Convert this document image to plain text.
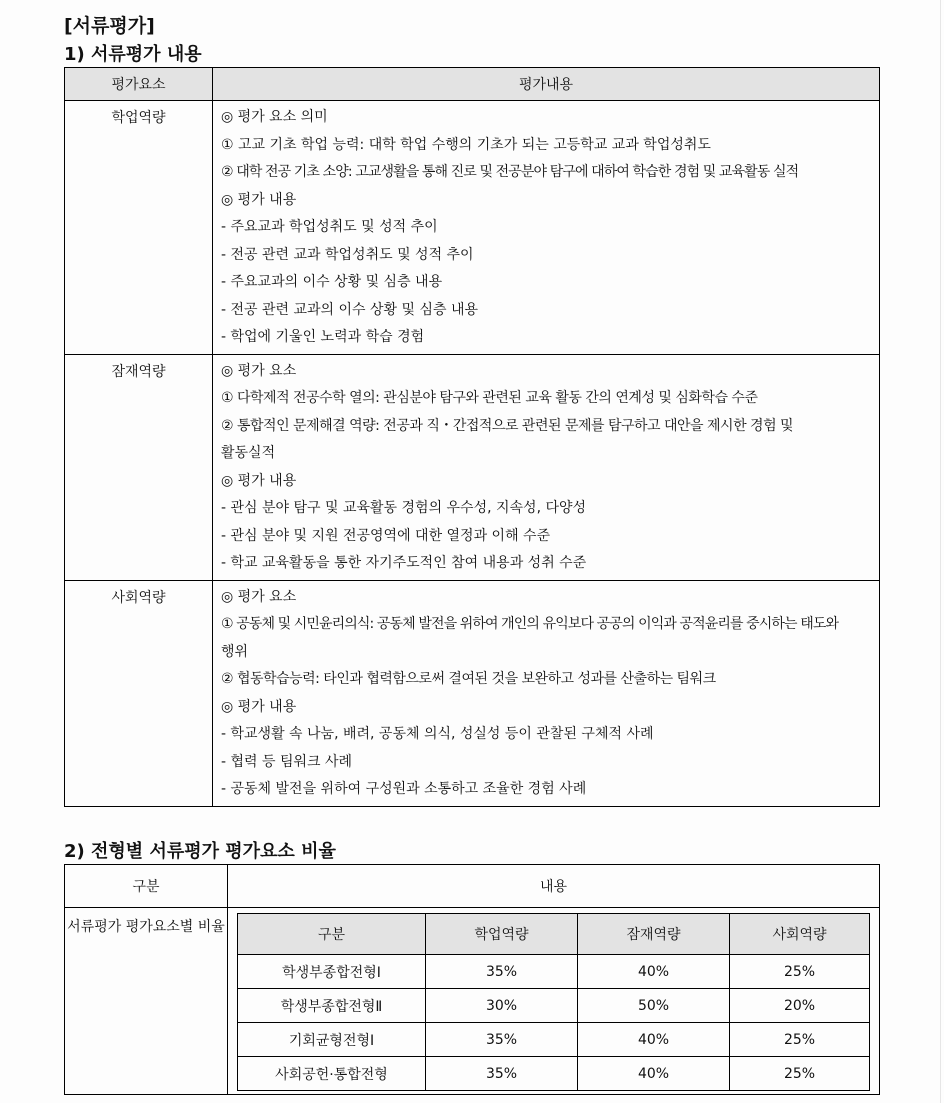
[서류평가]
1) 서류평가 내용
평가요소	평가내용
학업역량	◎ 평가 요소 의미
① 고교 기초 학업 능력: 대학 학업 수행의 기초가 되는 고등학교 교과 학업성취도
② 대학 전공 기초 소양: 고교생활을 통해 진로 및 전공분야 탐구에 대하여 학습한 경험 및 교육활동 실적
◎ 평가 내용
- 주요교과 학업성취도 및 성적 추이
- 전공 관련 교과 학업성취도 및 성적 추이
- 주요교과의 이수 상황 및 심층 내용
- 전공 관련 교과의 이수 상황 및 심층 내용
- 학업에 기울인 노력과 학습 경험

잠재역량	◎ 평가 요소
① 다학제적 전공수학 열의: 관심분야 탐구와 관련된 교육 활동 간의 연계성 및 심화학습 수준
② 통합적인 문제해결 역량: 전공과 직・간접적으로 관련된 문제를 탐구하고 대안을 제시한 경험 및
활동실적
◎ 평가 내용
- 관심 분야 탐구 및 교육활동 경험의 우수성, 지속성, 다양성
- 관심 분야 및 지원 전공영역에 대한 열정과 이해 수준
- 학교 교육활동을 통한 자기주도적인 참여 내용과 성취 수준

사회역량	◎ 평가 요소
① 공동체 및 시민윤리의식: 공동체 발전을 위하여 개인의 유익보다 공공의 이익과 공적윤리를 중시하는 태도와
행위
② 협동학습능력: 타인과 협력함으로써 결여된 것을 보완하고 성과를 산출하는 팀워크
◎ 평가 내용
- 학교생활 속 나눔, 배려, 공동체 의식, 성실성 등이 관찰된 구체적 사례
- 협력 등 팀워크 사례
- 공동체 발전을 위하여 구성원과 소통하고 조율한 경험 사례
2) 전형별 서류평가 평가요소 비율
구분	내용
서류평가 평가요소별 비율		구분	학업역량	잠재역량	사회역량
학생부종합전형Ⅰ	35%	40%	25%
학생부종합전형Ⅱ	30%	50%	20%
기회균형전형Ⅰ	35%	40%	25%
사회공헌·통합전형	35%	40%	25%
